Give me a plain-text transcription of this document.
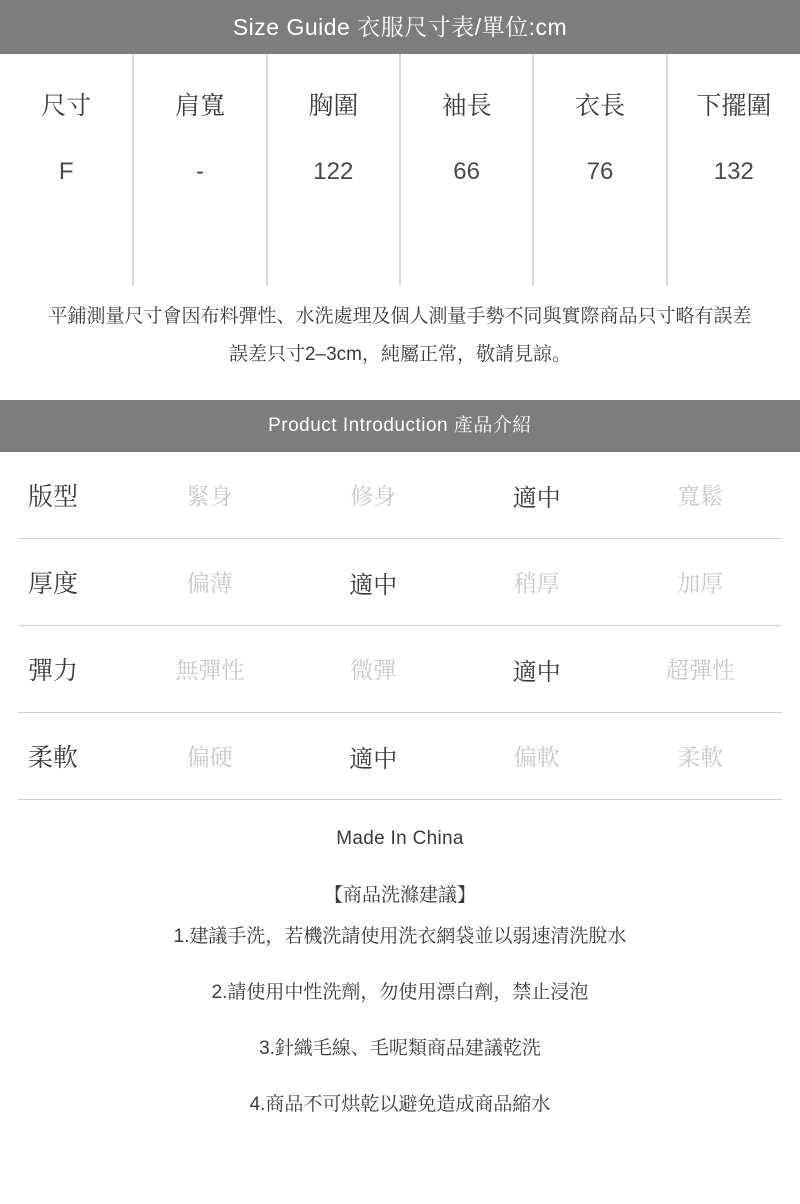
Size Guide 衣服尺寸表/單位:cm
尺寸	肩寬	胸圍	袖長	衣長	下擺圍
F	-	122	66	76	132
平鋪測量尺寸會因布料彈性、水洗處理及個人測量手勢不同與實際商品只寸略有誤差
誤差只寸2–3cm，純屬正常，敬請見諒。
Product Introduction 產品介紹
版型	緊身	修身	適中	寬鬆
厚度	偏薄	適中	稍厚	加厚
彈力	無彈性	微彈	適中	超彈性
柔軟	偏硬	適中	偏軟	柔軟
Made In China
【商品洗滌建議】
1.建議手洗，若機洗請使用洗衣網袋並以弱速清洗脫水
2.請使用中性洗劑，勿使用漂白劑，禁止浸泡
3.針織毛線、毛呢類商品建議乾洗
4.商品不可烘乾以避免造成商品縮水
